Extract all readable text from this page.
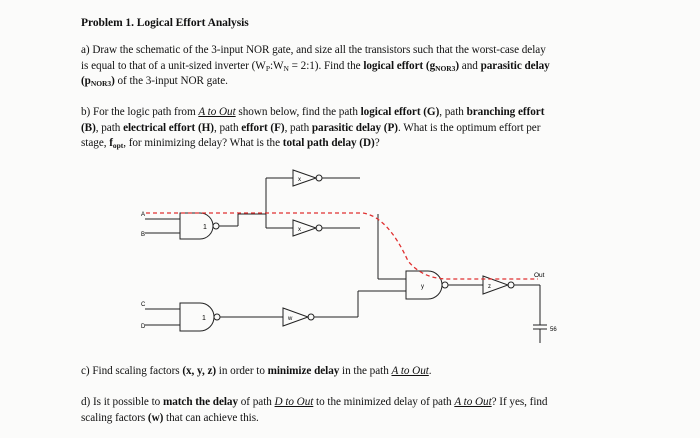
Problem 1. Logical Effort Analysis
a) Draw the schematic of the 3-input NOR gate, and size all the transistors such that the worst-case delay
is equal to that of a unit-sized inverter ($W_P:W_N$ = 2:1). Find the logical effort $(g_{NOR3})$ and parasitic delay
$(p_{NOR3})$ of the 3-input NOR gate.
b) For the logic path from A to Out shown below, find the path logical effort (G), path branching effort
(B), path electrical effort (H), path effort (F), path parasitic delay (P). What is the optimum effort per
stage, $f_{opt}$, for minimizing delay? What is the total path delay (D)?
A
B
C
D
1
1
x
x
y	z
w
Out
56
c) Find scaling factors (x, y, z) in order to minimize delay in the path A to Out.
d) Is it possible to match the delay of path D to Out to the minimized delay of path A to Out? If yes, find
scaling factors (w) that can achieve this.
